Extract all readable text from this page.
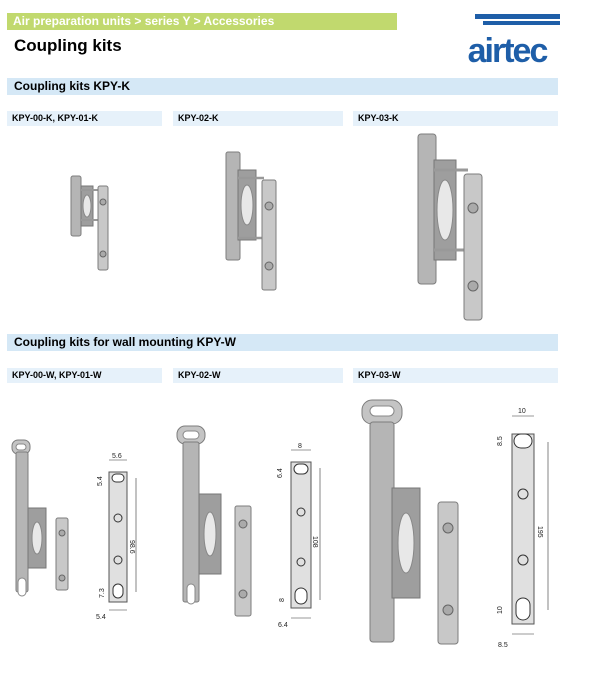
Air preparation units > series Y > Accessories
Coupling kits	airtec
Coupling kits KPY-K
KPY-00-K, KPY-01-K	KPY-02-K	KPY-03-K
Coupling kits for wall mounting KPY-W
KPY-00-W, KPY-01-W	KPY-02-W	KPY-03-W
5.6
5.4
98.6
7.3
5.4
8
6.4
108
8
6.4
10
8.5
195
10
8.5
